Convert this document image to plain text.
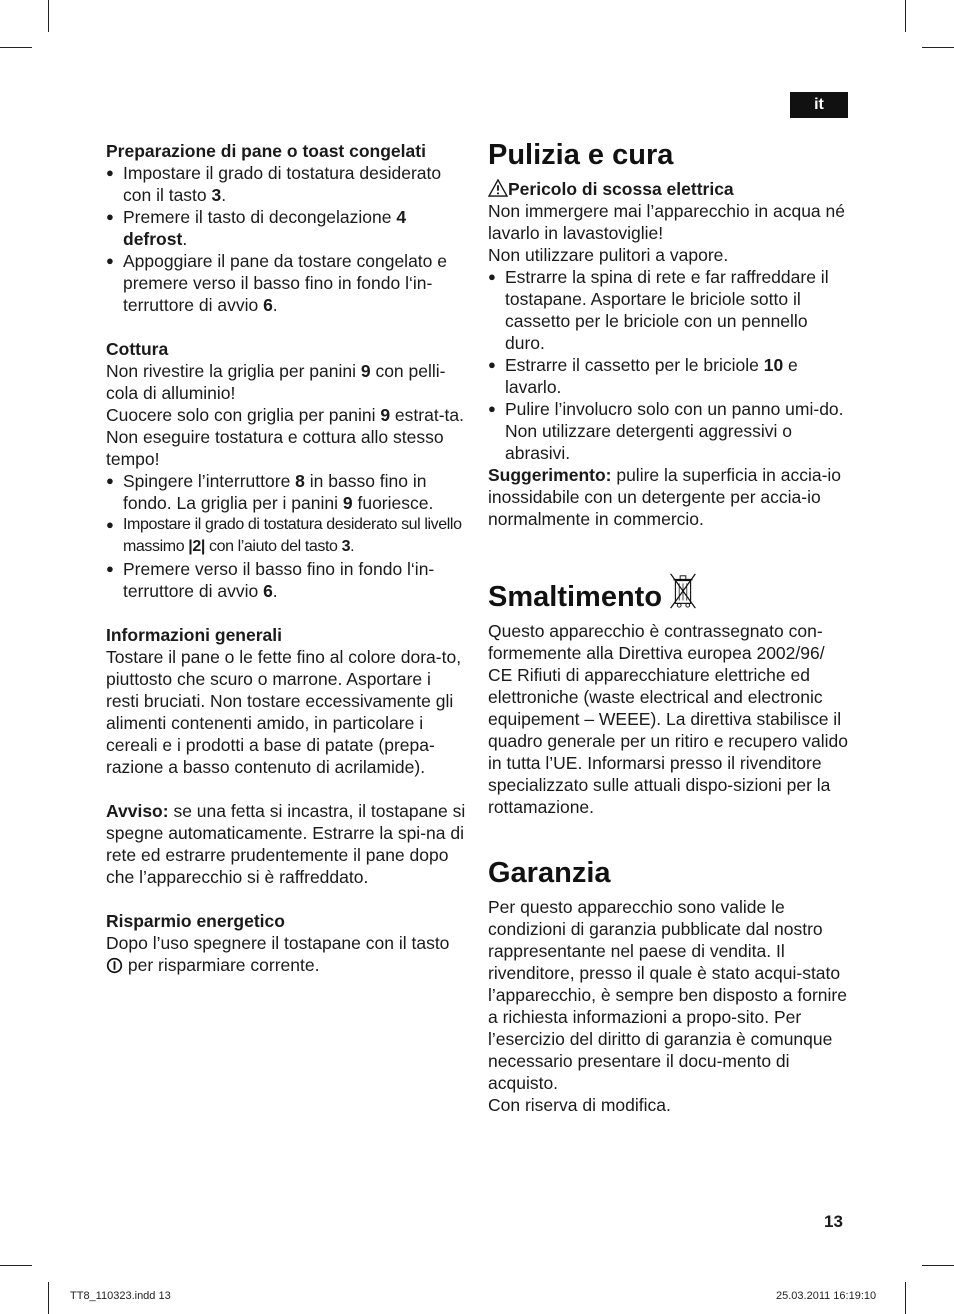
it

Preparazione di pane o toast congelati

● Impostare il grado di tostatura desiderato con il tasto 3.
● Premere il tasto di decongelazione 4 defrost.
● Appoggiare il pane da tostare congelato e premere verso il basso fino in fondo l‘in-terruttore di avvio 6.

Cottura

Non rivestire la griglia per panini 9 con pelli-cola di alluminio!

Cuocere solo con griglia per panini 9 estrat-ta.

Non eseguire tostatura e cottura allo stesso tempo!

● Spingere l’interruttore 8 in basso fino in fondo. La griglia per i panini 9 fuoriesce.
● Impostare il grado di tostatura desiderato sul livello massimo |2| con l’aiuto del tasto 3.
● Premere verso il basso fino in fondo l‘in-terruttore di avvio 6.

Informazioni generali

Tostare il pane o le fette fino al colore dora-to, piuttosto che scuro o marrone. Asportare i resti bruciati. Non tostare eccessivamente gli alimenti contenenti amido, in particolare i cereali e i prodotti a base di patate (prepa-razione a basso contenuto di acrilamide).

Avviso: se una fetta si incastra, il tostapane si spegne automaticamente. Estrarre la spi-na di rete ed estrarre prudentemente il pane dopo che l’apparecchio si è raffreddato.

Risparmio energetico

Dopo l’uso spegnere il tostapane con il tasto  per risparmiare corrente.

Pulizia e cura

Pericolo di scossa elettrica

Non immergere mai l’apparecchio in acqua né lavarlo in lavastoviglie!

Non utilizzare pulitori a vapore.

● Estrarre la spina di rete e far raffreddare il tostapane. Asportare le briciole sotto il cassetto per le briciole con un pennello duro.
● Estrarre il cassetto per le briciole 10 e lavarlo.
● Pulire l’involucro solo con un panno umi-do. Non utilizzare detergenti aggressivi o abrasivi.

Suggerimento: pulire la superficia in accia-io inossidabile con un detergente per accia-io normalmente in commercio.

Smaltimento

Questo apparecchio è contrassegnato con-formemente alla Direttiva europea 2002/96/ CE Rifiuti di apparecchiature elettriche ed elettroniche (waste electrical and electronic equipement – WEEE). La direttiva stabilisce il quadro generale per un ritiro e recupero valido in tutta l’UE. Informarsi presso il rivenditore specializzato sulle attuali dispo-sizioni per la rottamazione.

Garanzia

Per questo apparecchio sono valide le condizioni di garanzia pubblicate dal nostro rappresentante nel paese di vendita. Il rivenditore, presso il quale è stato acqui-stato l’apparecchio, è sempre ben disposto a fornire a richiesta informazioni a propo-sito. Per l’esercizio del diritto di garanzia è comunque necessario presentare il docu-mento di acquisto.

Con riserva di modifica.

13
TT8_110323.indd 13	25.03.2011 16:19:10
